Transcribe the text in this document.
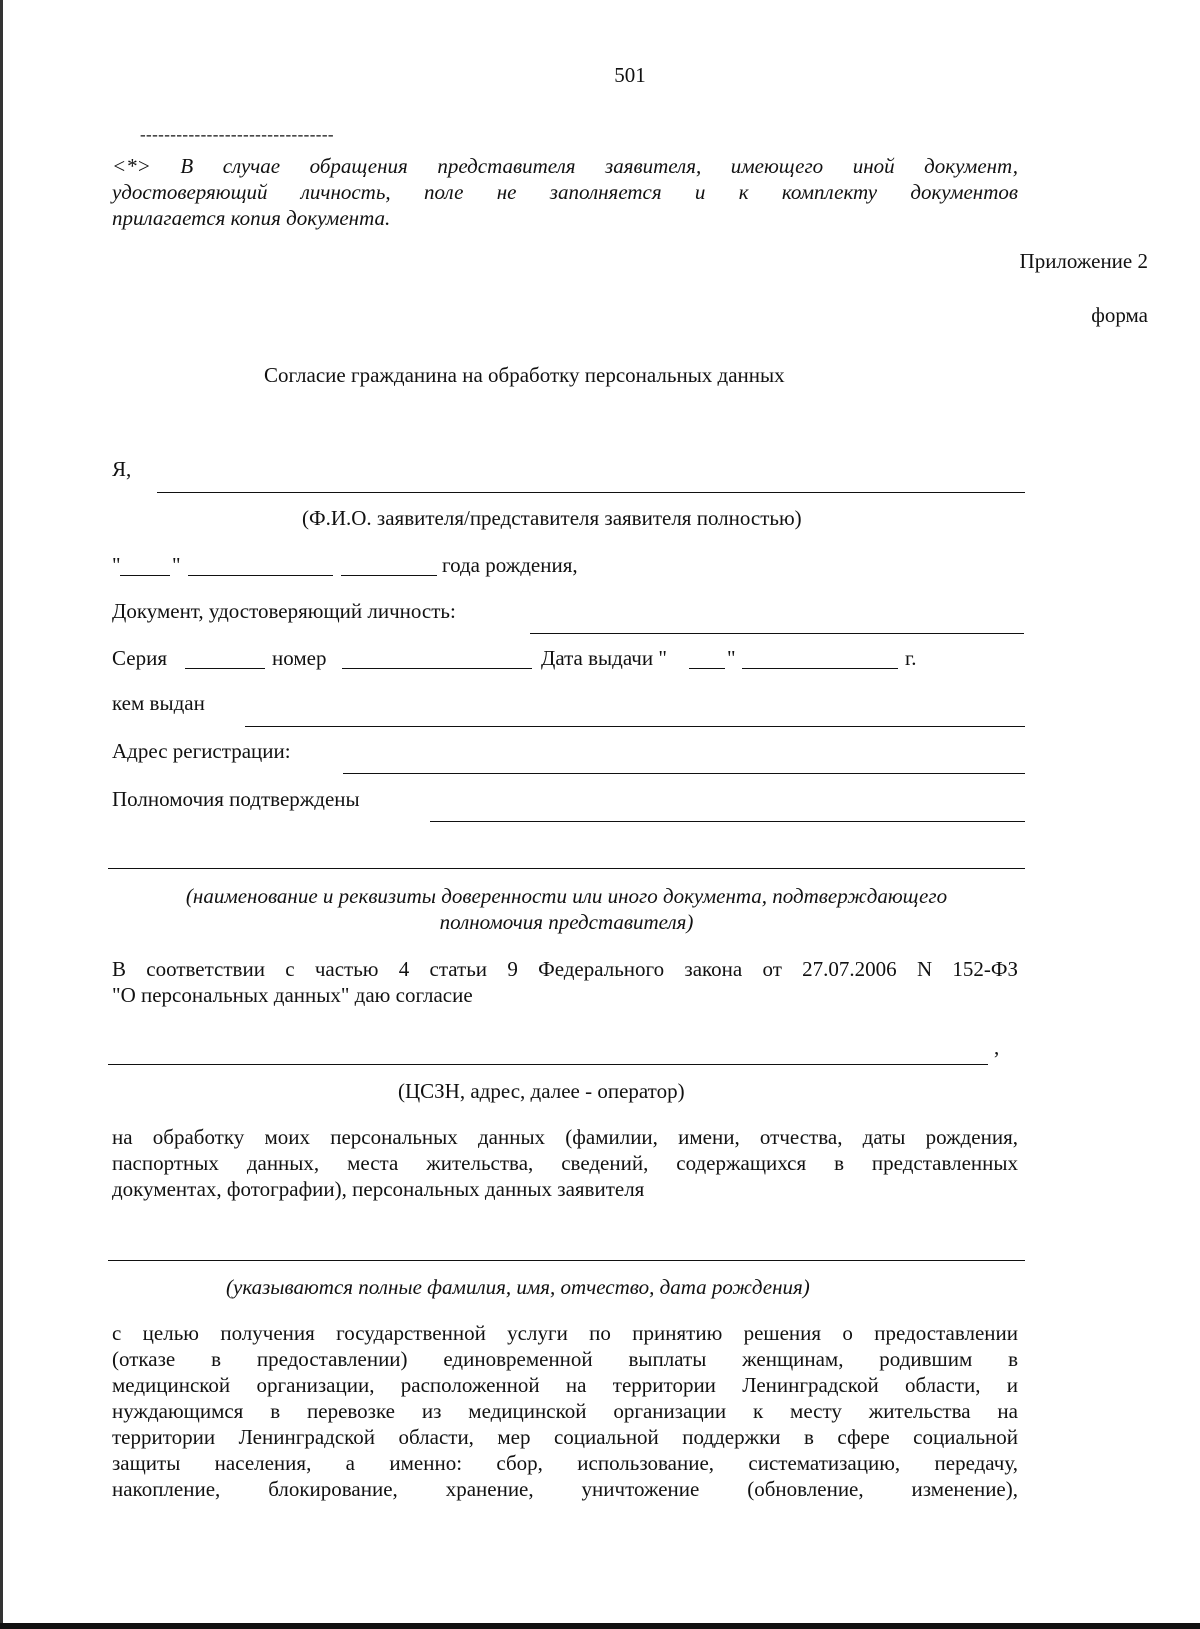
501
--------------------------------
<*> В случае обращения представителя заявителя, имеющего иной документ,
удостоверяющий личность, поле не заполняется и к комплекту документов
прилагается копия документа.
Приложение 2
форма
Согласие гражданина на обработку персональных данных
Я,
(Ф.И.О. заявителя/представителя заявителя полностью)
" "	года рождения,
Документ, удостоверяющий личность:
Серия	номер	Дата выдачи "	"	г.
кем выдан
Адрес регистрации:
Полномочия подтверждены
(наименование и реквизиты доверенности или иного документа, подтверждающего
полномочия представителя)
В соответствии с частью 4 статьи 9 Федерального закона от 27.07.2006 N 152-ФЗ
"О персональных данных" даю согласие
,
(ЦСЗН, адрес, далее - оператор)
на обработку моих персональных данных (фамилии, имени, отчества, даты рождения,
паспортных данных, места жительства, сведений, содержащихся в представленных
документах, фотографии), персональных данных заявителя
(указываются полные фамилия, имя, отчество, дата рождения)
с целью получения государственной услуги по принятию решения о предоставлении
(отказе в предоставлении) единовременной выплаты женщинам, родившим в
медицинской организации, расположенной на территории Ленинградской области, и
нуждающимся в перевозке из медицинской организации к месту жительства на
территории Ленинградской области, мер социальной поддержки в сфере социальной
защиты населения, а именно: сбор, использование, систематизацию, передачу,
накопление, блокирование, хранение, уничтожение (обновление, изменение),
